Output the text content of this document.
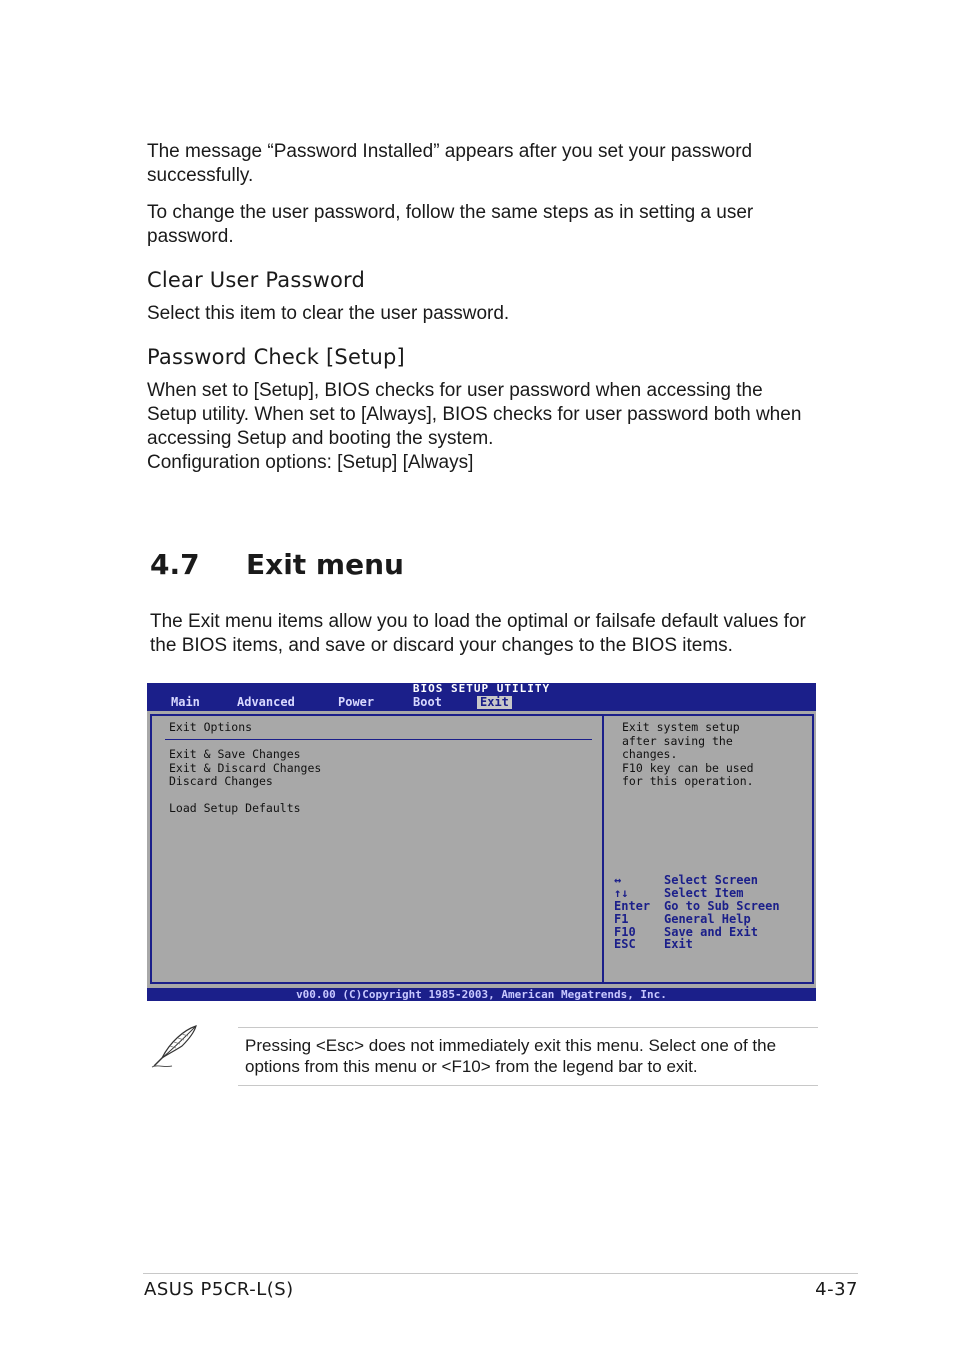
The message “Password Installed” appears after you set your password successfully.

To change the user password, follow the same steps as in setting a user password.

Clear User Password

Select this item to clear the user password.

Password Check [Setup]

When set to [Setup], BIOS checks for user password when accessing the Setup utility. When set to [Always], BIOS checks for user password both when accessing Setup and booting the system.

Configuration options: [Setup] [Always]

4.7 Exit menu

The Exit menu items allow you to load the optimal or failsafe default values for the BIOS items, and save or discard your changes to the BIOS items.

BIOS SETUP UTILITY
Main	Advanced	Power	Boot	Exit
Exit Options
Exit & Save Changes
Exit & Discard Changes
Discard Changes
Load Setup Defaults
Exit system setup
after saving the
changes.
F10 key can be used
for this operation.
↔	Select Screen
↑↓	Select Item
Enter Go to Sub Screen
F1	General Help
F10 Save and Exit
ESC Exit
v00.00 (C)Copyright 1985-2003, American Megatrends, Inc.

Pressing <Esc> does not immediately exit this menu. Select one of the options from this menu or <F10> from the legend bar to exit.

ASUS P5CR-L(S)	4-37
